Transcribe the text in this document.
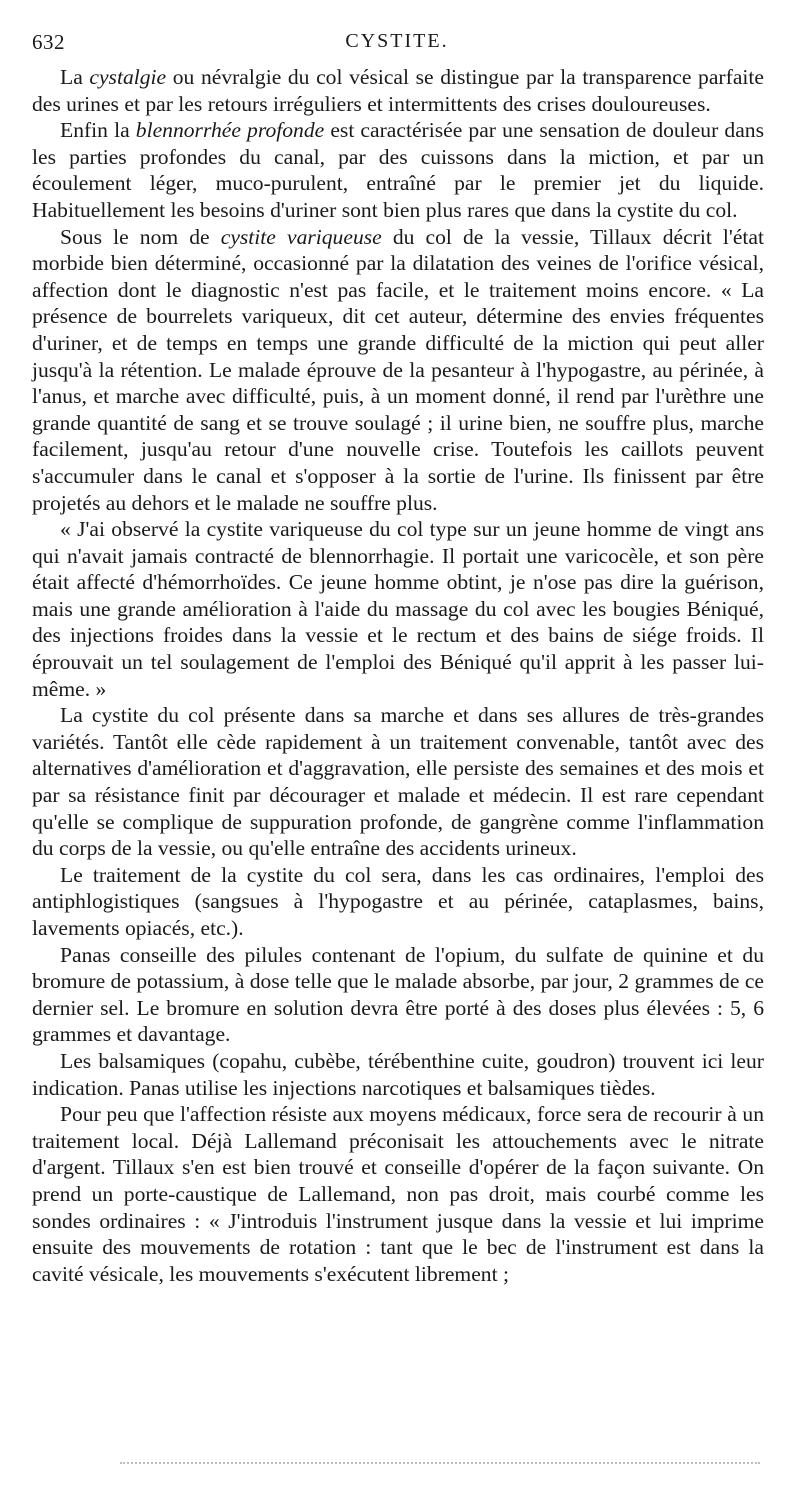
632	CYSTITE.

La cystalgie ou névralgie du col vésical se distingue par la transparence parfaite des urines et par les retours irréguliers et intermittents des crises douloureuses.

Enfin la blennorrhée profonde est caractérisée par une sensation de douleur dans les parties profondes du canal, par des cuissons dans la miction, et par un écoulement léger, muco-purulent, entraîné par le premier jet du liquide. Habituellement les besoins d'uriner sont bien plus rares que dans la cystite du col.

Sous le nom de cystite variqueuse du col de la vessie, Tillaux décrit l'état morbide bien déterminé, occasionné par la dilatation des veines de l'orifice vésical, affection dont le diagnostic n'est pas facile, et le traitement moins encore. « La présence de bourrelets variqueux, dit cet auteur, détermine des envies fréquentes d'uriner, et de temps en temps une grande difficulté de la miction qui peut aller jusqu'à la rétention. Le malade éprouve de la pesanteur à l'hypogastre, au périnée, à l'anus, et marche avec difficulté, puis, à un moment donné, il rend par l'urèthre une grande quantité de sang et se trouve soulagé ; il urine bien, ne souffre plus, marche facilement, jusqu'au retour d'une nouvelle crise. Toutefois les caillots peuvent s'accumuler dans le canal et s'opposer à la sortie de l'urine. Ils finissent par être projetés au dehors et le malade ne souffre plus.

« J'ai observé la cystite variqueuse du col type sur un jeune homme de vingt ans qui n'avait jamais contracté de blennorrhagie. Il portait une varicocèle, et son père était affecté d'hémorrhoïdes. Ce jeune homme obtint, je n'ose pas dire la guérison, mais une grande amélioration à l'aide du massage du col avec les bougies Béniqué, des injections froides dans la vessie et le rectum et des bains de siége froids. Il éprouvait un tel soulagement de l'emploi des Béniqué qu'il apprit à les passer lui-même. »

La cystite du col présente dans sa marche et dans ses allures de très-grandes variétés. Tantôt elle cède rapidement à un traitement convenable, tantôt avec des alternatives d'amélioration et d'aggravation, elle persiste des semaines et des mois et par sa résistance finit par décourager et malade et médecin. Il est rare cependant qu'elle se complique de suppuration profonde, de gangrène comme l'inflammation du corps de la vessie, ou qu'elle entraîne des accidents urineux.

Le traitement de la cystite du col sera, dans les cas ordinaires, l'emploi des antiphlogistiques (sangsues à l'hypogastre et au périnée, cataplasmes, bains, lavements opiacés, etc.).

Panas conseille des pilules contenant de l'opium, du sulfate de quinine et du bromure de potassium, à dose telle que le malade absorbe, par jour, 2 grammes de ce dernier sel. Le bromure en solution devra être porté à des doses plus élevées : 5, 6 grammes et davantage.

Les balsamiques (copahu, cubèbe, térébenthine cuite, goudron) trouvent ici leur indication. Panas utilise les injections narcotiques et balsamiques tièdes.

Pour peu que l'affection résiste aux moyens médicaux, force sera de recourir à un traitement local. Déjà Lallemand préconisait les attouchements avec le nitrate d'argent. Tillaux s'en est bien trouvé et conseille d'opérer de la façon suivante. On prend un porte-caustique de Lallemand, non pas droit, mais courbé comme les sondes ordinaires : « J'introduis l'instrument jusque dans la vessie et lui imprime ensuite des mouvements de rotation : tant que le bec de l'instrument est dans la cavité vésicale, les mouvements s'exécutent librement ;
